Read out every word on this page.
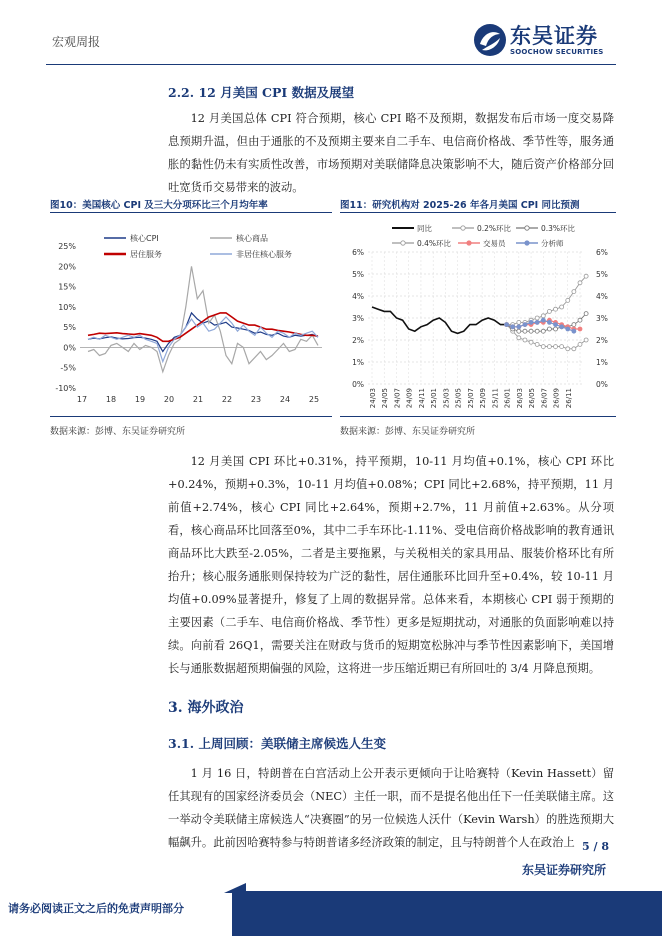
宏观周报	东吴证券
SOOCHOW SECURITIES
2.2. 12 月美国 CPI 数据及展望
12 月美国总体 CPI 符合预期，核心 CPI 略不及预期，数据发布后市场一度交易降息预期升温，但由于通胀的不及预期主要来自二手车、电信商价格战、季节性等，服务通胀的黏性仍未有实质性改善，市场预期对美联储降息决策影响不大，随后资产价格部分回吐宽货币交易带来的波动。
图10：美国核心 CPI 及三大分项环比三个月均年率
25%
20%
15%
10%
5%
0%
-5%
-10%
17 18 19 20 21 22 23 24 25
核心CPI	核心商品
居住服务	非居住核心服务
数据来源：彭博、东吴证券研究所
图11：研究机构对 2025-26 年各月美国 CPI 同比预测
6%	6%
5%	5%
4%	4%
3%	3%
2%	2%
1%	1%
0%	0%
24/03 24/05 24/07 24/09 24/11 25/01 25/03 25/05 25/07 25/09 25/11 26/01 26/03 26/05 26/07 26/09 26/11
同比	0.2%环比	0.3%环比
0.4%环比	交易员	分析师
数据来源：彭博、东吴证券研究所
12 月美国 CPI 环比+0.31%，持平预期，10-11 月均值+0.1%，核心 CPI 环比+0.24%，预期+0.3%，10-11 月均值+0.08%；CPI 同比+2.68%，持平预期，11 月前值+2.74%，核心 CPI 同比+2.64%，预期+2.7%，11 月前值+2.63%。从分项看，核心商品环比回落至0%，其中二手车环比-1.11%、受电信商价格战影响的教育通讯商品环比大跌至-2.05%，二者是主要拖累，与关税相关的家具用品、服装价格环比有所抬升；核心服务通胀则保持较为广泛的黏性，居住通胀环比回升至+0.4%，较 10-11 月均值+0.09%显著提升，修复了上周的数据异常。总体来看，本期核心 CPI 弱于预期的主要因素（二手车、电信商价格战、季节性）更多是短期扰动，对通胀的负面影响难以持续。向前看 26Q1，需要关注在财政与货币的短期宽松脉冲与季节性因素影响下，美国增长与通胀数据超预期偏强的风险，这将进一步压缩近期已有所回吐的 3/4 月降息预期。
3. 海外政治
3.1. 上周回顾：美联储主席候选人生变
1 月 16 日，特朗普在白宫活动上公开表示更倾向于让哈赛特（Kevin Hassett）留任其现有的国家经济委员会（NEC）主任一职，而不是提名他出任下一任美联储主席。这一举动令美联储主席候选人“决赛圈”的另一位候选人沃什（Kevin Warsh）的胜选预期大幅飙升。此前因哈赛特参与特朗普诸多经济政策的制定，且与特朗普个人在政治上 5 / 8
东吴证券研究所
请务必阅读正文之后的免责声明部分
